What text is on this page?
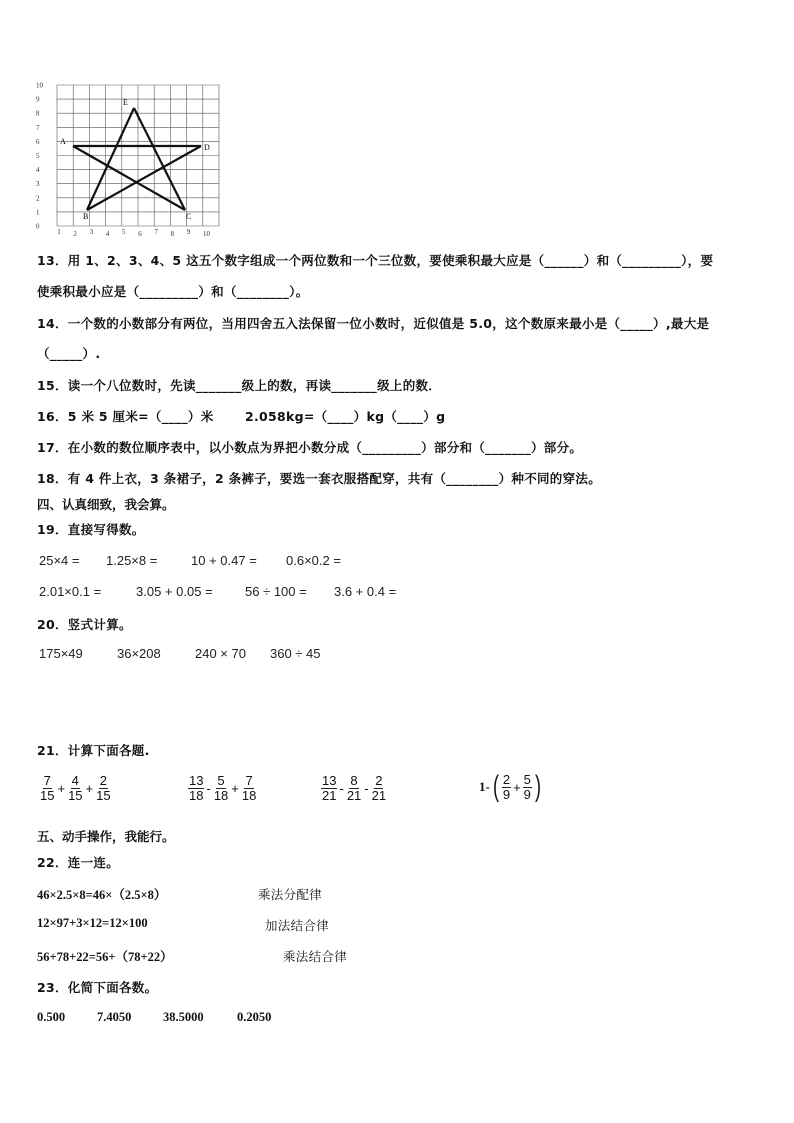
10
9
8
7
6
5
4
3
2
1
0
1 2 3 4 5 6 7 8 9 10
E
A
D
B	C
13．用 1、2、3、4、5 这五个数字组成一个两位数和一个三位数，要使乘积最大应是（______）和（_________），要
使乘积最小应是（_________）和（________）。
14．一个数的小数部分有两位，当用四舍五入法保留一位小数时，近似值是 5.0，这个数原来最小是（_____）,最大是
（_____）.
15．读一个八位数时，先读_______级上的数，再读_______级上的数．
16．5 米 5 厘米=（____）米	2.058kg=（____）kg（____）g
17．在小数的数位顺序表中，以小数点为界把小数分成（_________）部分和（_______）部分。
18．有 4 件上衣，3 条裙子，2 条裤子，要选一套衣服搭配穿，共有（________）种不同的穿法。
四、认真细致，我会算。
19．直接写得数。
25×4 = 1.25×8 =	10 + 0.47 = 0.6×0.2 =
2.01×0.1 =	3.05 + 0.05 = 56 ÷ 100 = 3.6 + 0.4 =
20．竖式计算。
175×49	36×208	240 × 70 360 ÷ 45
21．计算下面各题.
$\frac{7}{15} + \frac{4}{15} + \frac{2}{15}$	$\frac{13}{18} - \frac{5}{18} + \frac{7}{18}$	$\frac{13}{21} - \frac{8}{21} - \frac{2}{21}$	1- ( $\frac{2}{9} + \frac{5}{9}$ )
五、动手操作，我能行。
22．连一连。
46×2.5×8=46×（2.5×8）
12×97+3×12=12×100
56+78+22=56+（78+22）
乘法分配律
加法结合律
乘法结合律
23．化简下面各数。
0.500	7.4050	38.5000	0.2050
